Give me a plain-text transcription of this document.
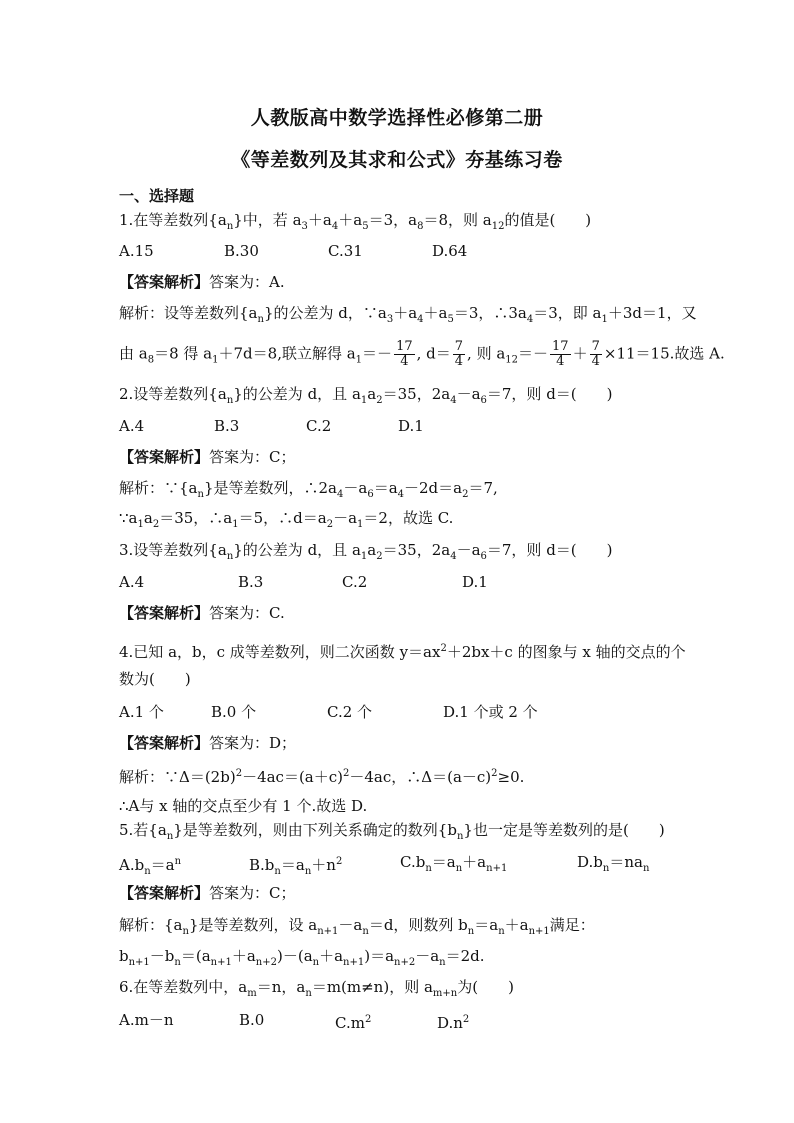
人教版高中数学选择性必修第二册
《等差数列及其求和公式》夯基练习卷
一、选择题
1.在等差数列$\{a_n\}$中，若 $a_3+a_4+a_5=3$，$a_8=8$，则 $a_{12}$的值是(　　)
A.15	B.30	C.31	D.64
【答案解析】答案为：A.
解析：设等差数列$\{a_n\}$的公差为 d，$\because a_3+a_4+a_5=3$，$\therefore 3a_4=3$，即 $a_1+3d=1$，又
由 $a_8=8$ 得 $a_1+7d=8$,联立解得 $a_1=- \frac{17}{4}$ , $d= \frac{7}{4}$ , 则 $a_{12}=- \frac{17}{4} + \frac{7}{4} \times 11=15$.故选 A.
2.设等差数列$\{a_n\}$的公差为 d，且 $a_1a_2=35$，$2a_4-a_6=7$，则 d＝(　　)
A.4	B.3	C.2	D.1
【答案解析】答案为：C；
解析：$\because\{a_n\}$是等差数列，$\therefore 2a_4-a_6=a_4-2d=a_2=7$,
$\because a_1a_2=35$，$\therefore a_1=5$，$\therefore d=a_2-a_1=2$，故选 C.
3.设等差数列$\{a_n\}$的公差为 d，且 $a_1a_2=35$，$2a_4-a_6=7$，则 d＝(　　)
A.4	B.3	C.2	D.1
【答案解析】答案为：C.
4.已知 a，b，c 成等差数列，则二次函数 $y=ax^2+2bx+c$ 的图象与 x 轴的交点的个
数为(　　)
A.1 个	B.0 个	C.2 个	D.1 个或 2 个
【答案解析】答案为：D；
解析：$\because\Delta=(2b)^2-4ac=(a+c)^2-4ac$，$\therefore\Delta=(a-c)^2\ge 0$.
∴A与 x 轴的交点至少有 1 个.故选 D.
5.若$\{a_n\}$是等差数列，则由下列关系确定的数列$\{b_n\}$也一定是等差数列的是(　　)
$A.b_n=a^n$	$B.b_n=a_n+n^2$	$C.b_n=a_n+a_{n+1}$	$D.b_n=na_n$
【答案解析】答案为：C；
解析：$\{a_n\}$是等差数列，设 $a_{n+1}-a_n=d$，则数列 $b_n=a_n+a_{n+1}$满足：
$b_{n+1}-b_n=(a_{n+1}+a_{n+2})-(a_n+a_{n+1})=a_{n+2}-a_n=2d$.
6.在等差数列中，$a_m=n$，$a_n=m(m\ne n)$，则 $a_{m+n}$为(　　)
A.m－n	B.0	$C.m^2$	$D.n^2$
